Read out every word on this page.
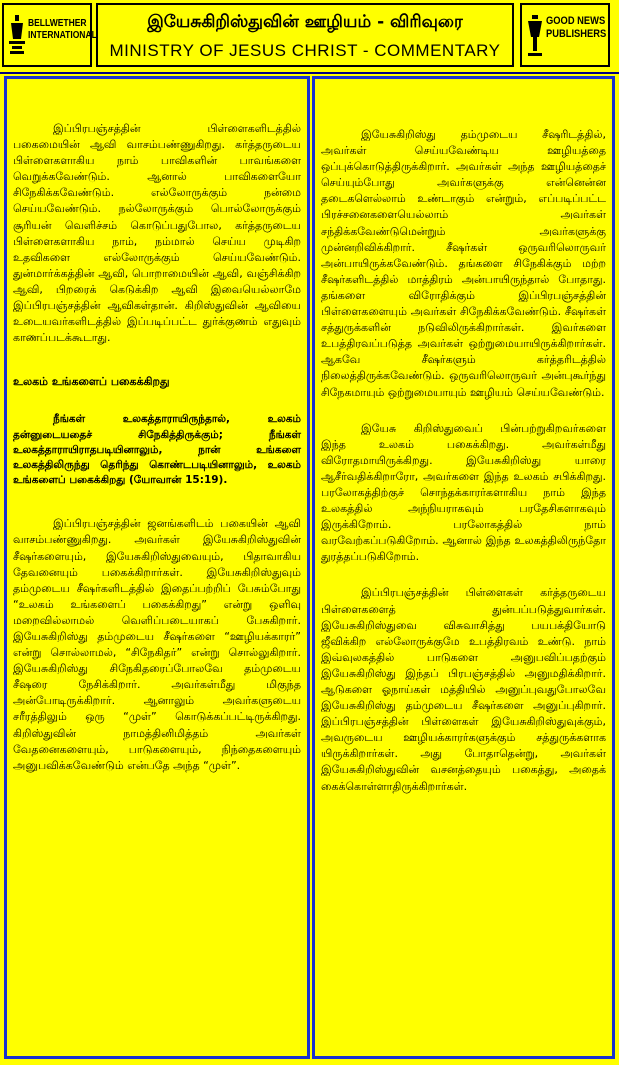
BELLWETHER INTERNATIONAL
இயேசுகிறிஸ்துவின் ஊழியம் - விரிவுரை
MINISTRY OF JESUS CHRIST - COMMENTARY
GOOD NEWS PUBLISHERS

இப்பிரபஞ்சத்தின் பிள்ளைகளிடத்தில் பகைமையின் ஆவி வாசம்பண்ணுகிறது. கர்த்தருடைய பிள்ளைகளாகிய நாம் பாவிகளின் பாவங்களை வெறுக்கவேண்டும். ஆனால் பாவிகளையோ சிநேகிக்கவேண்டும். எல்லோருக்கும் நன்மை செய்யவேண்டும். நல்லோருக்கும் பொல்லோருக்கும் சூரியன் வெளிச்சம் கொடுப்பதுபோல, கர்த்தருடைய பிள்ளைகளாகிய நாம், நம்மால் செய்ய முடிகிற உதவிகளை எல்லோருக்கும் செய்யவேண்டும். துன்மார்க்கத்தின் ஆவி, பொறாமையின் ஆவி, வஞ்சிக்கிற ஆவி, பிறரைக் கெடுக்கிற ஆவி இவையெல்லாமே இப்பிரபஞ்சத்தின் ஆவிகள்தான். கிறிஸ்துவின் ஆவியை உடையவர்களிடத்தில் இப்படிப்பட்ட துர்க்குணம் எதுவும் காணப்படக்கூடாது.

உலகம் உங்களைப் பகைக்கிறது

நீங்கள் உலகத்தாராயிருந்தால், உலகம் தன்னுடையதைச் சிநேகித்திருக்கும்; நீங்கள் உலகத்தாராயிராதபடியினாலும், நான் உங்களை உலகத்திலிருந்து தெரிந்து கொண்டபடியினாலும், உலகம் உங்களைப் பகைக்கிறது (யோவான் 15:19).

இப்பிரபஞ்சத்தின் ஜனங்களிடம் பகையின் ஆவி வாசம்பண்ணுகிறது. அவர்கள் இயேசுகிறிஸ்துவின் சீஷர்களையும், இயேசுகிறிஸ்துவையும், பிதாவாகிய தேவனையும் பகைக்கிறார்கள். இயேசுகிறிஸ்துவும் தம்முடைய சீஷர்களிடத்தில் இதைப்பற்றிப் பேசும்போது “உலகம் உங்களைப் பகைக்கிறது” என்று ஒளிவு மறைவில்லாமல் வெளிப்படையாகப் பேசுகிறார். இயேசுகிறிஸ்து தம்முடைய சீஷர்களை “ஊழியக்காரர்” என்று சொல்லாமல், “சிநேகிதர்” என்று சொல்லுகிறார். இயேசுகிறிஸ்து சிநேகிதரைப்போலவே தம்முடைய சீஷரை நேசிக்கிறார். அவர்கள்மீது மிகுந்த அன்போடிருக்கிறார். ஆனாலும் அவர்களுடைய சரீரத்திலும் ஒரு “முள்” கொடுக்கப்பட்டிருக்கிறது. கிறிஸ்துவின் நாமத்தினிமித்தம் அவர்கள் வேதனைகளையும், பாடுகளையும், நிந்தைகளையும் அனுபவிக்கவேண்டும் என்பதே அந்த “முள்”.

இயேசுகிறிஸ்து தம்முடைய சீஷரிடத்தில், அவர்கள் செய்யவேண்டிய ஊழியத்தை ஒப்புக்கொடுத்திருக்கிறார். அவர்கள் அந்த ஊழியத்தைச் செய்யும்போது அவர்களுக்கு என்னென்ன தடைகளெல்லாம் உண்டாகும் என்றும், எப்படிப்பட்ட பிரச்சனைகளையெல்லாம் அவர்கள் சந்திக்கவேண்டுமென்றும் அவர்களுக்கு முன்னறிவிக்கிறார். சீஷர்கள் ஒருவரிலொருவர் அன்பாயிருக்கவேண்டும். தங்களை சிநேகிக்கும் மற்ற சீஷர்களிடத்தில் மாத்திரம் அன்பாயிருந்தால் போதாது. தங்களை விரோதிக்கும் இப்பிரபஞ்சத்தின் பிள்ளைகளையும் அவர்கள் சிநேகிக்கவேண்டும். சீஷர்கள் சத்துருக்களின் நடுவிலிருக்கிறார்கள். இவர்களை உபத்திரவப்படுத்த அவர்கள் ஒற்றுமையாயிருக்கிறார்கள். ஆகவே சீஷர்களும் கர்த்தரிடத்தில் நிலைத்திருக்கவேண்டும். ஒருவரிலொருவர் அன்புகூர்ந்து சிநேகமாயும் ஒற்றுமையாயும் ஊழியம் செய்யவேண்டும்.

இயேசு கிறிஸ்துவைப் பின்பற்றுகிறவர்களை இந்த உலகம் பகைக்கிறது. அவர்கள்மீது விரோதமாயிருக்கிறது. இயேசுகிறிஸ்து யாரை ஆசீர்வதிக்கிறாரோ, அவர்களை இந்த உலகம் சபிக்கிறது. பரலோகத்திற்குச் சொந்தக்காரர்களாகிய நாம் இந்த உலகத்தில் அந்நியராகவும் பரதேசிகளாகவும் இருக்கிறோம். பரலோகத்தில் நாம் வரவேற்கப்படுகிறோம். ஆனால் இந்த உலகத்திலிருந்தோ துரத்தப்படுகிறோம்.

இப்பிரபஞ்சத்தின் பிள்ளைகள் கர்த்தருடைய பிள்ளைகளைத் துன்பப்படுத்துவார்கள். இயேசுகிறிஸ்துவை விசுவாசித்து பயபக்தியோடு ஜீவிக்கிற எல்லோருக்குமே உபத்திரவம் உண்டு. நாம் இவ்வுலகத்தில் பாடுகளை அனுபவிப்பதற்கும் இயேசுகிறிஸ்து இந்தப் பிரபஞ்சத்தில் அனுமதிக்கிறார். ஆடுகளை ஓநாய்கள் மத்தியில் அனுப்புவதுபோலவே இயேசுகிறிஸ்து தம்முடைய சீஷர்களை அனுப்புகிறார். இப்பிரபஞ்சத்தின் பிள்ளைகள் இயேசுகிறிஸ்துவுக்கும், அவருடைய ஊழியக்காரர்களுக்கும் சத்துருக்களாக யிருக்கிறார்கள். அது போதாதென்று, அவர்கள் இயேசுகிறிஸ்துவின் வசனத்தையும் பகைத்து, அதைக் கைக்கொள்ளாதிருக்கிறார்கள்.
